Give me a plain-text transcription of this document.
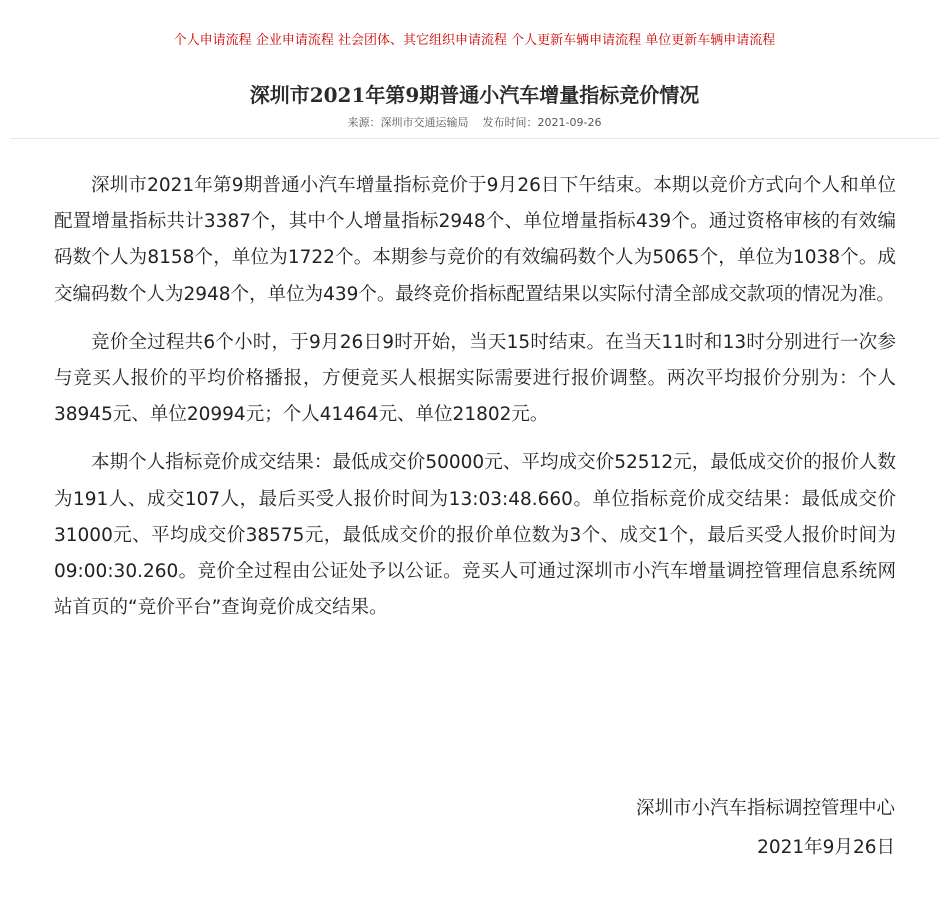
个人申请流程 企业申请流程 社会团体、其它组织申请流程 个人更新车辆申请流程 单位更新车辆申请流程
深圳市2021年第9期普通小汽车增量指标竞价情况
来源：深圳市交通运输局 发布时间：2021-09-26

深圳市2021年第9期普通小汽车增量指标竞价于9月26日下午结束。本期以竞价方式向个人和单位配置增量指标共计3387个，其中个人增量指标2948个、单位增量指标439个。通过资格审核的有效编码数个人为8158个，单位为1722个。本期参与竞价的有效编码数个人为5065个，单位为1038个。成交编码数个人为2948个，单位为439个。最终竞价指标配置结果以实际付清全部成交款项的情况为准。

竞价全过程共6个小时，于9月26日9时开始，当天15时结束。在当天11时和13时分别进行一次参与竞买人报价的平均价格播报，方便竞买人根据实际需要进行报价调整。两次平均报价分别为：个人38945元、单位20994元；个人41464元、单位21802元。

本期个人指标竞价成交结果：最低成交价50000元、平均成交价52512元，最低成交价的报价人数为191人、成交107人，最后买受人报价时间为13:03:48.660。单位指标竞价成交结果：最低成交价31000元、平均成交价38575元，最低成交价的报价单位数为3个、成交1个，最后买受人报价时间为09:00:30.260。竞价全过程由公证处予以公证。竞买人可通过深圳市小汽车增量调控管理信息系统网站首页的“竞价平台”查询竞价成交结果。

深圳市小汽车指标调控管理中心
2021年9月26日
